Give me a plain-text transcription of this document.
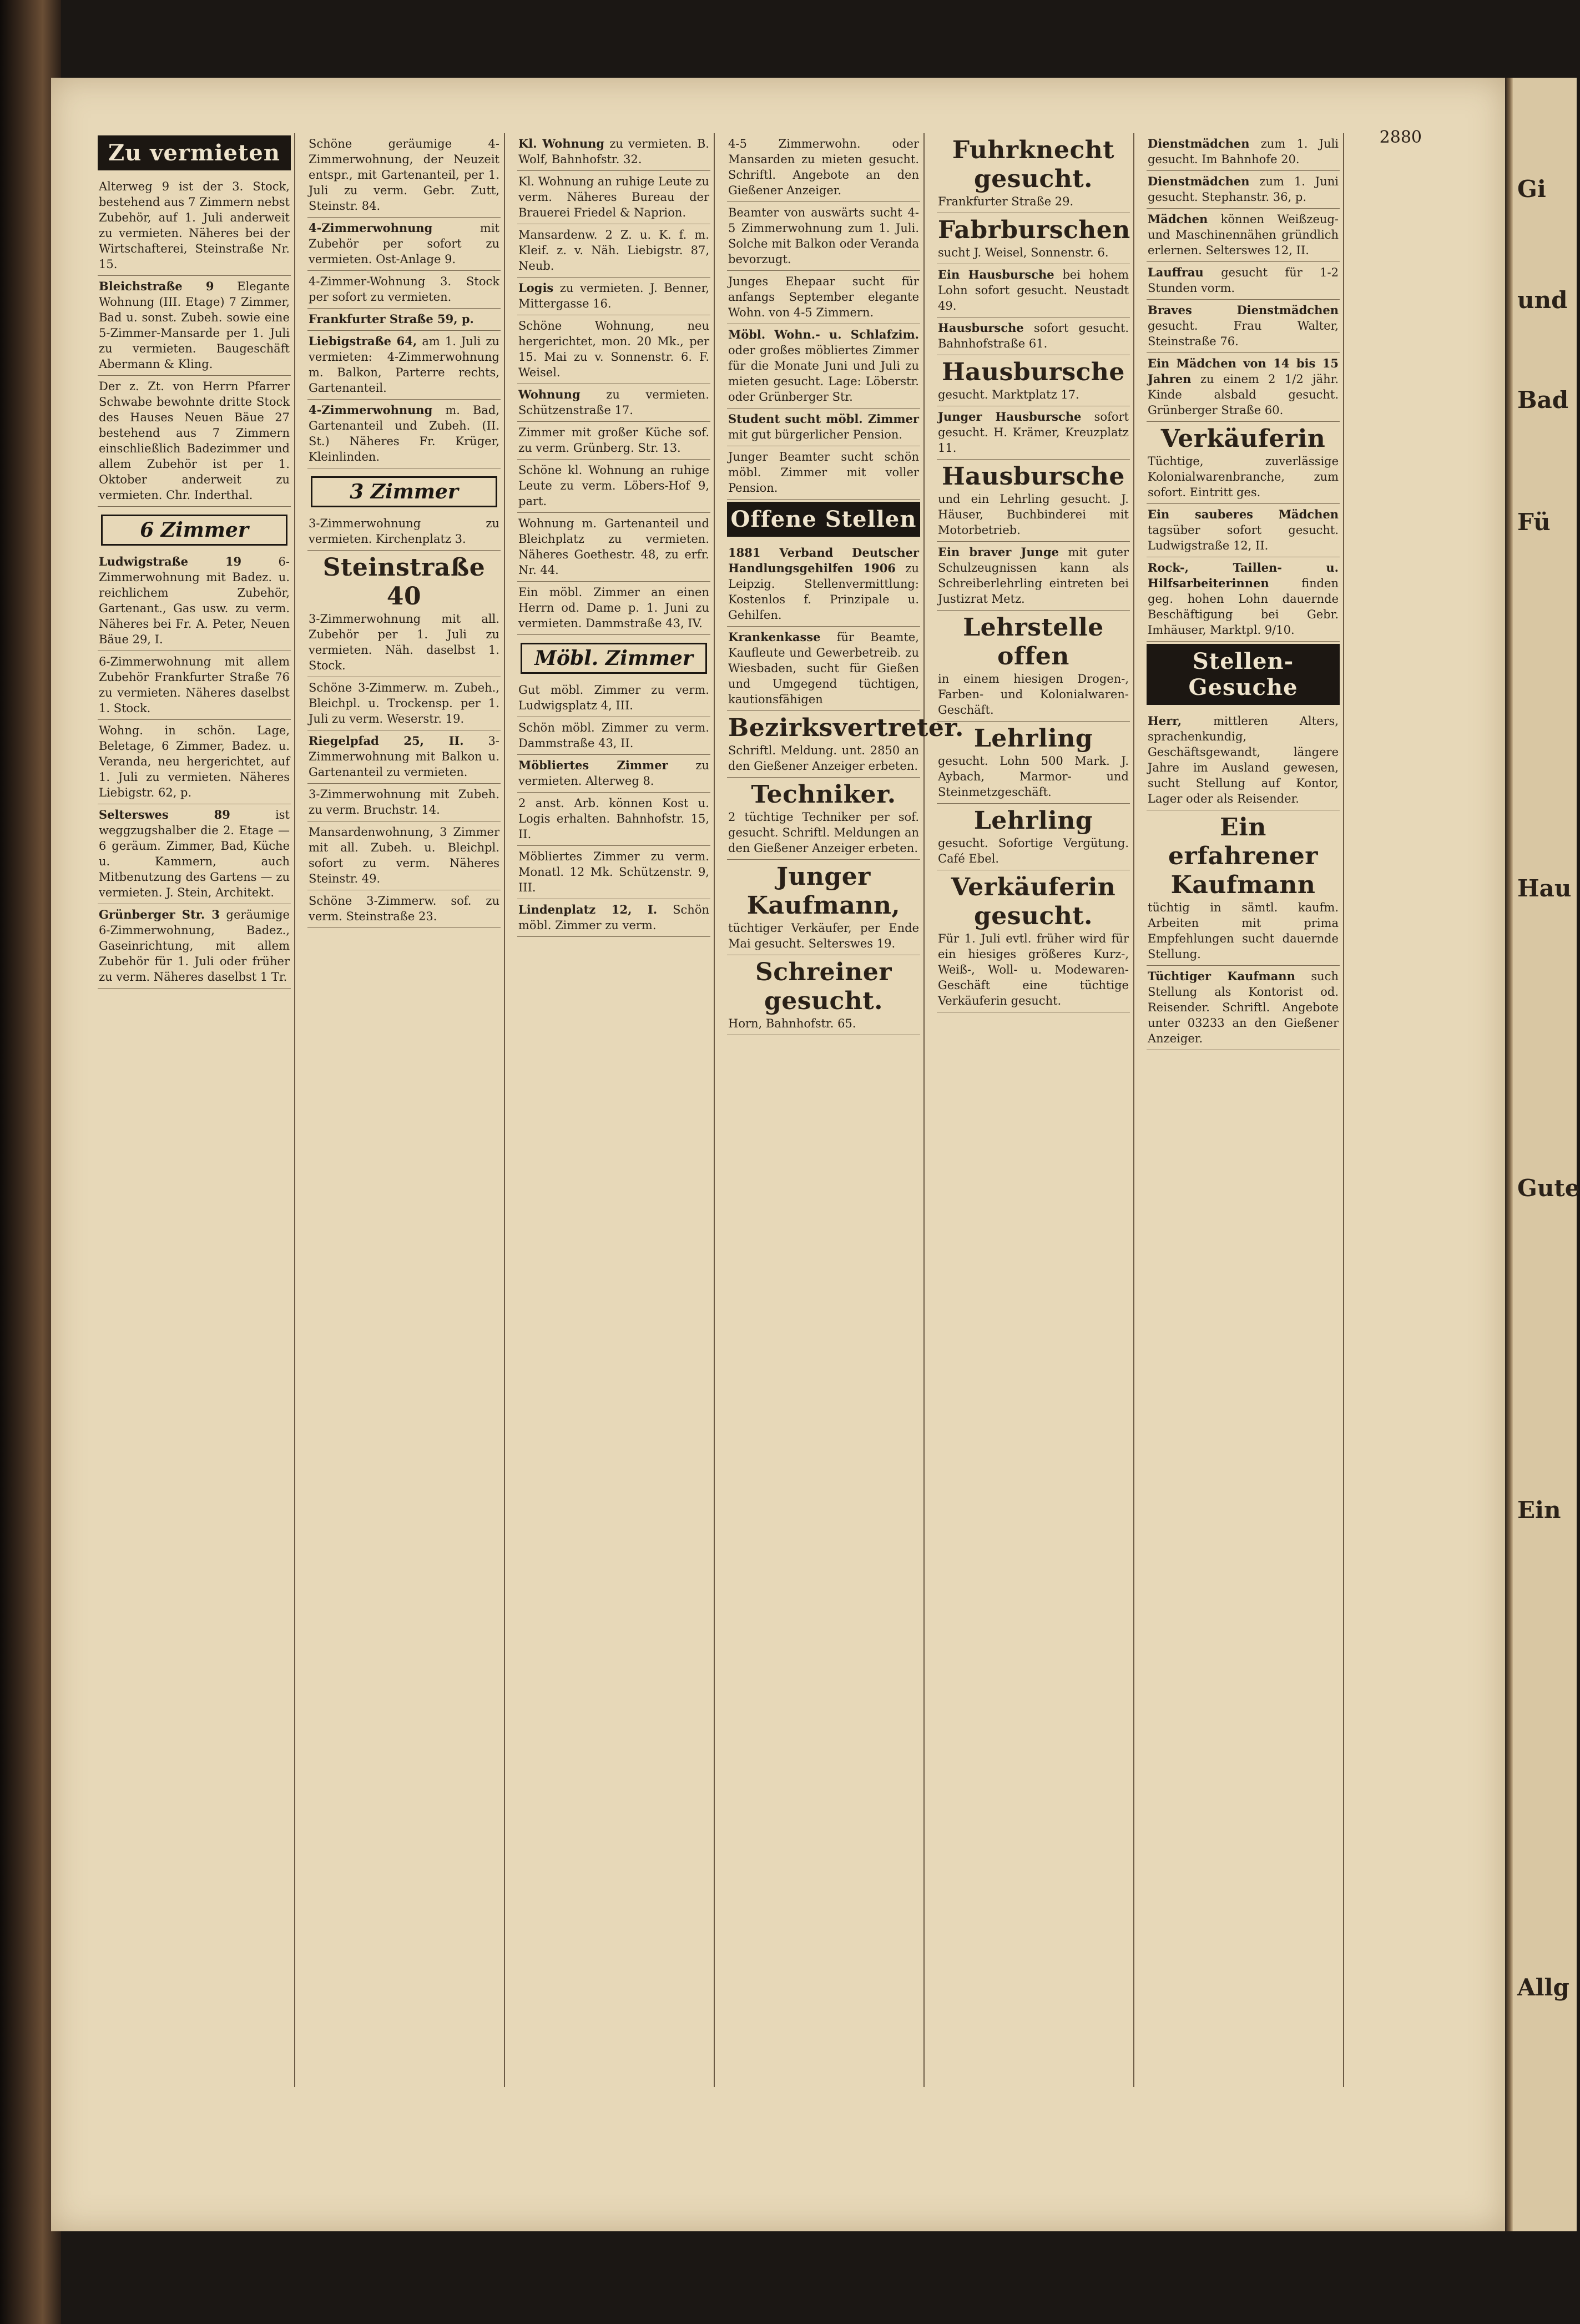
2880
Zu vermieten
Alterweg 9 ist der 3. Stock, bestehend aus 7 Zimmern nebst Zubehör, auf 1. Juli anderweit zu vermieten. Näheres bei der Wirtschafterei, Steinstraße Nr. 15.
Bleichstraße 9 Elegante Wohnung (III. Etage) 7 Zimmer, Bad u. sonst. Zubeh. sowie eine 5-Zimmer-Mansarde per 1. Juli zu vermieten. Baugeschäft Abermann & Kling.
Der z. Zt. von Herrn Pfarrer Schwabe bewohnte dritte Stock des Hauses Neuen Bäue 27 bestehend aus 7 Zimmern einschließlich Badezimmer und allem Zubehör ist per 1. Oktober anderweit zu vermieten. Chr. Inderthal.
6 Zimmer
Ludwigstraße 19	6-Zimmerwohnung mit Badez. u. reichlichem Zubehör, Gartenant., Gas usw. zu verm. Näheres bei Fr. A. Peter, Neuen Bäue 29, I.
6-Zimmerwohnung mit allem Zubehör Frankfurter Straße 76 zu vermieten. Näheres daselbst 1. Stock.
Wohng. in schön. Lage, Beletage, 6 Zimmer, Badez. u. Veranda, neu hergerichtet, auf 1. Juli zu vermieten. Näheres Liebigstr. 62, p.
Selterswes 89	ist weggzugshalber die 2. Etage — 6 geräum. Zimmer, Bad, Küche u. Kammern, auch Mitbenutzung des Gartens — zu vermieten. J. Stein, Architekt.
Grünberger Str. 3 geräumige 6-Zimmerwohnung, Badez., Gaseinrichtung, mit allem Zubehör für 1. Juli oder früher zu verm. Näheres daselbst 1 Tr.
Schöne geräumige 4-Zimmerwohnung, der Neuzeit entspr., mit Gartenanteil, per 1. Juli zu verm. Gebr. Zutt, Steinstr. 84.
4-Zimmerwohnung	mit Zubehör per sofort zu vermieten. Ost-Anlage 9.
4-Zimmer-Wohnung 3. Stock per sofort zu vermieten.
Frankfurter Straße 59, p.
Liebigstraße 64, am 1. Juli zu vermieten: 4-Zimmerwohnung m. Balkon, Parterre rechts, Gartenanteil.
4-Zimmerwohnung m. Bad, Gartenanteil und Zubeh. (II. St.) Näheres Fr. Krüger, Kleinlinden.
3 Zimmer
3-Zimmerwohnung zu vermieten. Kirchenplatz 3.
Steinstraße 40
3-Zimmerwohnung mit all. Zubehör per 1. Juli zu vermieten. Näh. daselbst 1. Stock.
Schöne 3-Zimmerw. m. Zubeh., Bleichpl. u. Trockensp. per 1. Juli zu verm. Weserstr. 19.
Riegelpfad 25, II. 3-Zimmerwohnung mit Balkon u. Gartenanteil zu vermieten.
3-Zimmerwohnung mit Zubeh. zu verm. Bruchstr. 14.
Mansardenwohnung, 3 Zimmer mit all. Zubeh. u. Bleichpl. sofort zu verm. Näheres Steinstr. 49.
Schöne 3-Zimmerw. sof. zu verm. Steinstraße 23.
Kl. Wohnung zu vermieten. B. Wolf, Bahnhofstr. 32.
Kl. Wohnung an ruhige Leute zu verm. Näheres Bureau der Brauerei Friedel & Naprion.
Mansardenw. 2 Z. u. K. f. m. Kleif. z. v. Näh. Liebigstr. 87, Neub.
Logis zu vermieten. J. Benner, Mittergasse 16.
Schöne Wohnung, neu hergerichtet, mon. 20 Mk., per 15. Mai zu v. Sonnenstr. 6. F. Weisel.
Wohnung zu vermieten. Schützenstraße 17.
Zimmer mit großer Küche sof. zu verm. Grünberg. Str. 13.
Schöne kl. Wohnung an ruhige Leute zu verm. Löbers-Hof 9, part.
Wohnung m. Gartenanteil und Bleichplatz zu vermieten. Näheres Goethestr. 48, zu erfr. Nr. 44.
Ein möbl. Zimmer an einen Herrn od. Dame p. 1. Juni zu vermieten. Dammstraße 43, IV.
Möbl. Zimmer
Gut möbl. Zimmer zu verm. Ludwigsplatz 4, III.
Schön möbl. Zimmer zu verm. Dammstraße 43, II.
Möbliertes Zimmer zu vermieten. Alterweg 8.
2 anst. Arb. können Kost u. Logis erhalten. Bahnhofstr. 15, II.
Möbliertes Zimmer zu verm. Monatl. 12 Mk. Schützenstr. 9, III.
Lindenplatz 12, I. Schön möbl. Zimmer zu verm.
4-5 Zimmerwohn. oder Mansarden zu mieten gesucht. Schriftl. Angebote an den Gießener Anzeiger.
Beamter von auswärts sucht 4-5 Zimmerwohnung zum 1. Juli. Solche mit Balkon oder Veranda bevorzugt.
Junges Ehepaar sucht für anfangs September elegante Wohn. von 4-5 Zimmern.
Möbl. Wohn.- u. Schlafzim. oder großes möbliertes Zimmer für die Monate Juni und Juli zu mieten gesucht. Lage: Löberstr. oder Grünberger Str.
Student sucht möbl. Zimmer mit gut bürgerlicher Pension.
Junger Beamter sucht schön möbl. Zimmer mit voller Pension.
Offene Stellen
1881 Verband Deutscher Handlungsgehilfen 1906 zu Leipzig. Stellenvermittlung: Kostenlos f. Prinzipale u. Gehilfen.
Krankenkasse für Beamte, Kaufleute und Gewerbetreib. zu Wiesbaden, sucht für Gießen und Umgegend tüchtigen, kautionsfähigen
Bezirksvertreter.
Schriftl. Meldung. unt. 2850 an den Gießener Anzeiger erbeten.
Techniker.
2 tüchtige Techniker per sof. gesucht. Schriftl. Meldungen an den Gießener Anzeiger erbeten.
Junger Kaufmann,
tüchtiger Verkäufer, per Ende Mai gesucht. Selterswes 19.
Schreiner gesucht.
Horn, Bahnhofstr. 65.
Fuhrknecht gesucht.
Frankfurter Straße 29.
Fabrburschen
sucht J. Weisel, Sonnenstr. 6.
Ein Hausbursche bei hohem Lohn sofort gesucht. Neustadt 49.
Hausbursche sofort gesucht. Bahnhofstraße 61.
Hausbursche
gesucht. Marktplatz 17.
Junger Hausbursche sofort gesucht. H. Krämer, Kreuzplatz 11.
Hausbursche
und ein Lehrling gesucht. J. Häuser, Buchbinderei mit Motorbetrieb.
Ein braver Junge mit guter Schulzeugnissen kann als Schreiberlehrling eintreten bei Justizrat Metz.
Lehrstelle offen
in einem hiesigen Drogen-, Farben- und Kolonialwaren-Geschäft.
Lehrling
gesucht. Lohn 500 Mark. J. Aybach, Marmor- und Steinmetzgeschäft.
Lehrling
gesucht. Sofortige Vergütung. Café Ebel.
Verkäuferin gesucht.
Für 1. Juli evtl. früher wird für ein hiesiges größeres Kurz-, Weiß-, Woll- u. Modewaren-Geschäft eine tüchtige Verkäuferin gesucht.
Dienstmädchen zum 1. Juli gesucht. Im Bahnhofe 20.
Dienstmädchen zum 1. Juni gesucht. Stephanstr. 36, p.
Mädchen können Weißzeug- und Maschinennähen gründlich erlernen. Selterswes 12, II.
Lauffrau gesucht für 1-2 Stunden vorm.
Braves Dienstmädchen gesucht. Frau Walter, Steinstraße 76.
Ein Mädchen von 14 bis 15 Jahren zu einem 2 1/2 jähr. Kinde alsbald gesucht. Grünberger Straße 60.
Verkäuferin
Tüchtige, zuverlässige Kolonialwarenbranche, zum sofort. Eintritt ges.
Ein sauberes Mädchen tagsüber sofort gesucht. Ludwigstraße 12, II.
Rock-, Taillen- u. Hilfsarbeiterinnen	finden geg. hohen Lohn dauernde Beschäftigung bei Gebr. Imhäuser, Marktpl. 9/10.
Stellen-Gesuche
Herr,	mittleren Alters, sprachenkundig, Geschäftsgewandt, längere Jahre im Ausland gewesen, sucht Stellung auf Kontor, Lager oder als Reisender.
Ein erfahrener Kaufmann
tüchtig in sämtl. kaufm. Arbeiten mit prima Empfehlungen sucht dauernde Stellung.
Tüchtiger Kaufmann such Stellung als Kontorist od. Reisender. Schriftl. Angebote unter 03233 an den Gießener Anzeiger.
Gi
und
Bad
Fü
Hau
Gute
Ein
Allg
